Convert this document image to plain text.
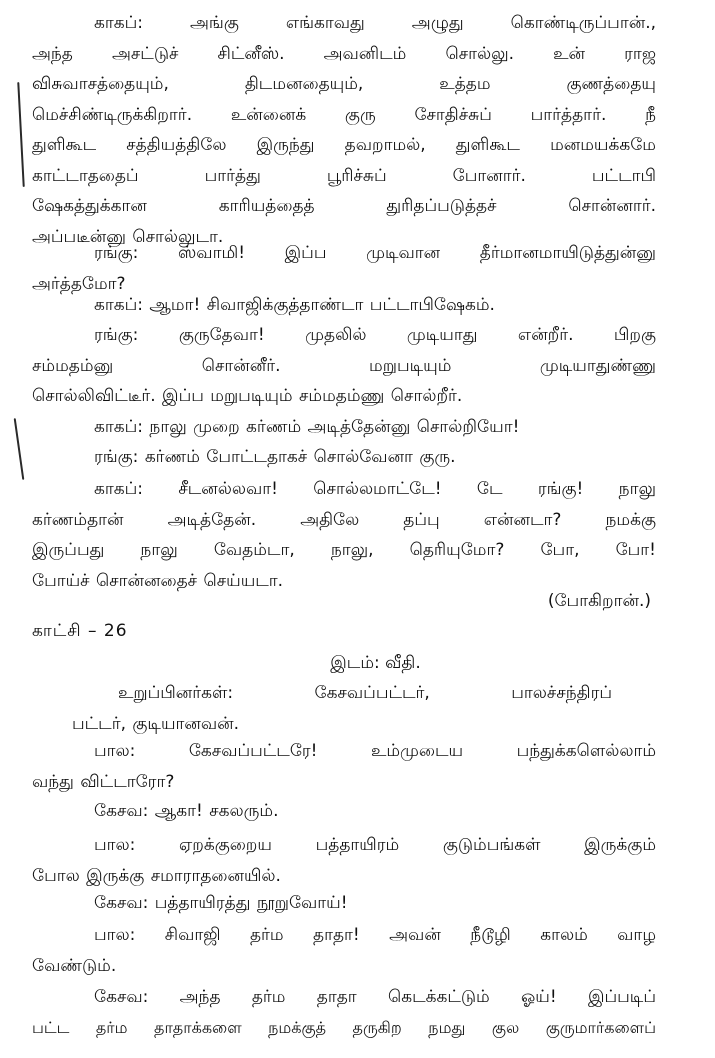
காகப்: அங்கு எங்காவது அழுது கொண்டிருப்பான்.,
அந்த அசட்டுச் சிட்னீஸ். அவனிடம் சொல்லு. உன் ராஜ
விசுவாசத்தையும், திடமனதையும், உத்தம குணத்தையு
மெச்சிண்டிருக்கிறார். உன்னைக் குரு சோதிச்சுப் பார்த்தார். நீ
துளிகூட சத்தியத்திலே இருந்து தவறாமல், துளிகூட மனமயக்கமே
காட்டாததைப் பார்த்து பூரிச்சுப் போனார். பட்டாபி
ஷேகத்துக்கான காரியத்தைத் துரிதப்படுத்தச் சொன்னார்.
அப்படீன்னு சொல்லுடா.
ரங்கு: ஸ்வாமி! இப்ப முடிவான தீர்மானமாயிடுத்துன்னு
அர்த்தமோ?
காகப்: ஆமா! சிவாஜிக்குத்தாண்டா பட்டாபிஷேகம்.
ரங்கு: குருதேவா! முதலில் முடியாது என்றீர். பிறகு
சம்மதம்னு சொன்னீர். மறுபடியும் முடியாதுண்ணு
சொல்லிவிட்டீர். இப்ப மறுபடியும் சம்மதம்ணு சொல்றீர்.
காகப்: நாலு முறை கர்ணம் அடித்தேன்னு சொல்றியோ!
ரங்கு: கர்ணம் போட்டதாகச் சொல்வேனா குரு.
காகப்: சீடனல்லவா! சொல்லமாட்டே! டே ரங்கு! நாலு
கர்ணம்தான் அடித்தேன். அதிலே தப்பு என்னடா? நமக்கு
இருப்பது நாலு வேதம்டா, நாலு, தெரியுமோ? போ, போ!
போய்ச் சொன்னதைச் செய்யடா.

(போகிறான்.)

காட்சி – 26

இடம்: வீதி.

உறுப்பினர்கள்: கேசவப்பட்டர், பாலச்சந்திரப்
பட்டர், குடியானவன்.
பால: கேசவப்பட்டரே! உம்முடைய பந்துக்களெல்லாம்
வந்து விட்டாரோ?
கேசவ: ஆகா! சகலரும்.
பால: ஏறக்குறைய பத்தாயிரம் குடும்பங்கள் இருக்கும்
போல இருக்கு சமாராதனையில்.
கேசவ: பத்தாயிரத்து நூறுவோய்!
பால: சிவாஜி தர்ம தாதா! அவன் நீடூழி காலம் வாழ
வேண்டும்.
கேசவ: அந்த தர்ம தாதா கெடக்கட்டும் ஓய்! இப்படிப்
பட்ட தர்ம தாதாக்களை நமக்குத் தருகிற நமது குல குருமார்களைப்
